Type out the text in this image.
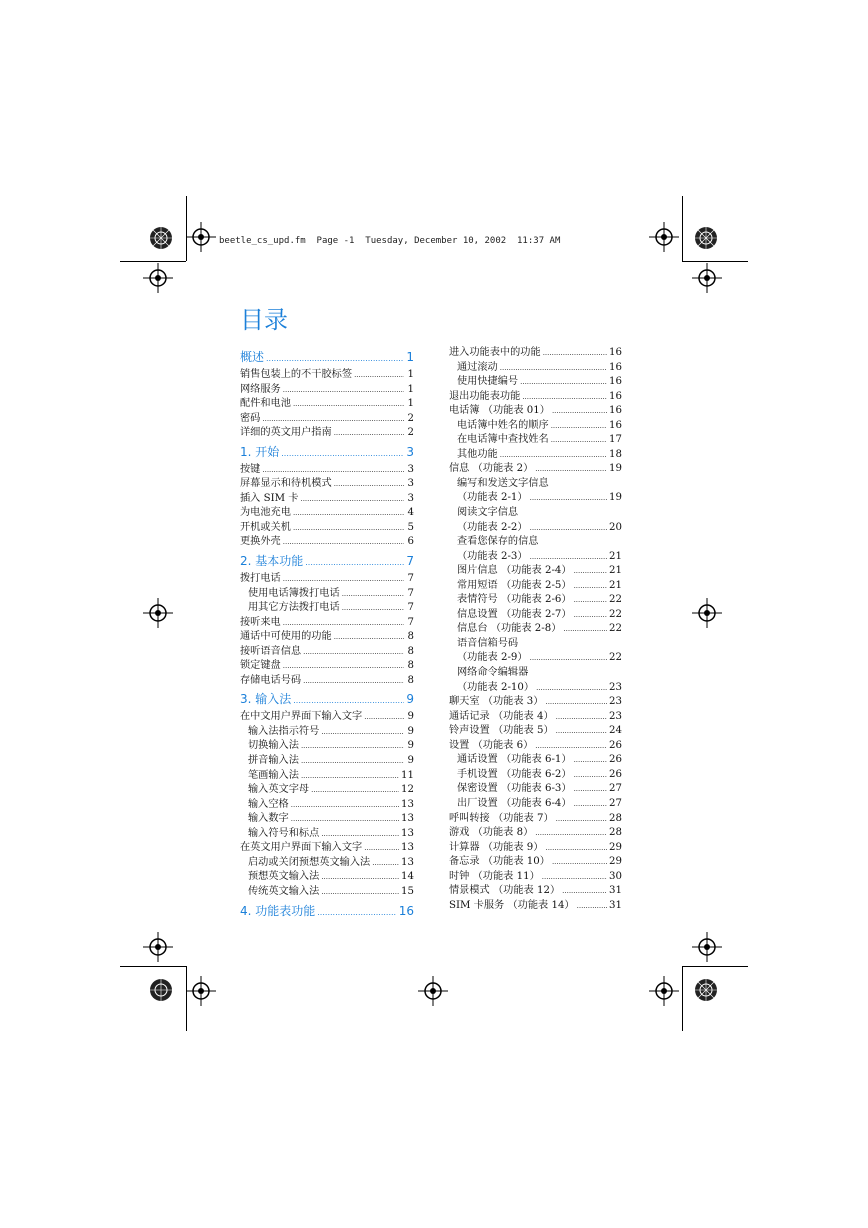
beetle_cs_upd.fm  Page -1  Tuesday, December 10, 2002  11:37 AM
目录
概述 .....	1
销售包装上的不干胶标签 .....	1
网络服务 .....	1
配件和电池 .....	1
密码 .....	2
详细的英文用户指南 .....	2
1. 开始 .....	3
按键 .....	3
屏幕显示和待机模式 .....	3
插入 SIM 卡 .....	3
为电池充电 .....	4
开机或关机 .....	5
更换外壳 .....	6
2. 基本功能 .....	7
拨打电话 .....	7
使用电话簿拨打电话 .....	7
用其它方法拨打电话 .....	7
接听来电 .....	7
通话中可使用的功能 .....	8
接听语音信息 .....	8
锁定键盘 .....	8
存储电话号码 .....	8
3. 输入法 .....	9
在中文用户界面下输入文字 .....	9
输入法指示符号 .....	9
切换输入法 .....	9
拼音输入法 .....	9
笔画输入法 .....	11
输入英文字母 .....	12
输入空格 .....	13
输入数字 .....	13
输入符号和标点 .....	13
在英文用户界面下输入文字 .....	13
启动或关闭预想英文输入法 .....	13
预想英文输入法 .....	14
传统英文输入法 .....	15
4. 功能表功能 .....	16
进入功能表中的功能 .....	16
通过滚动 .....	16
使用快捷编号 .....	16
退出功能表功能 .....	16
电话簿 （功能表 01） .....	16
电话簿中姓名的顺序 .....	16
在电话簿中查找姓名 .....	17
其他功能 .....	18
信息 （功能表 2） .....	19
编写和发送文字信息
（功能表 2-1） .....	19
阅读文字信息
（功能表 2-2） .....	20
查看您保存的信息
（功能表 2-3） .....	21
图片信息 （功能表 2-4） .....	21
常用短语 （功能表 2-5） .....	21
表情符号 （功能表 2-6） .....	22
信息设置 （功能表 2-7） .....	22
信息台 （功能表 2-8） .....	22
语音信箱号码
（功能表 2-9） .....	22
网络命令编辑器
（功能表 2-10） .....	23
聊天室 （功能表 3） .....	23
通话记录 （功能表 4） .....	23
铃声设置 （功能表 5） .....	24
设置 （功能表 6） .....	26
通话设置 （功能表 6-1） .....	26
手机设置 （功能表 6-2） .....	26
保密设置 （功能表 6-3） .....	27
出厂设置 （功能表 6-4） .....	27
呼叫转接 （功能表 7） .....	28
游戏 （功能表 8） .....	28
计算器 （功能表 9） .....	29
备忘录 （功能表 10） .....	29
时钟 （功能表 11） .....	30
情景模式 （功能表 12） .....	31
SIM 卡服务 （功能表 14） .....	31
